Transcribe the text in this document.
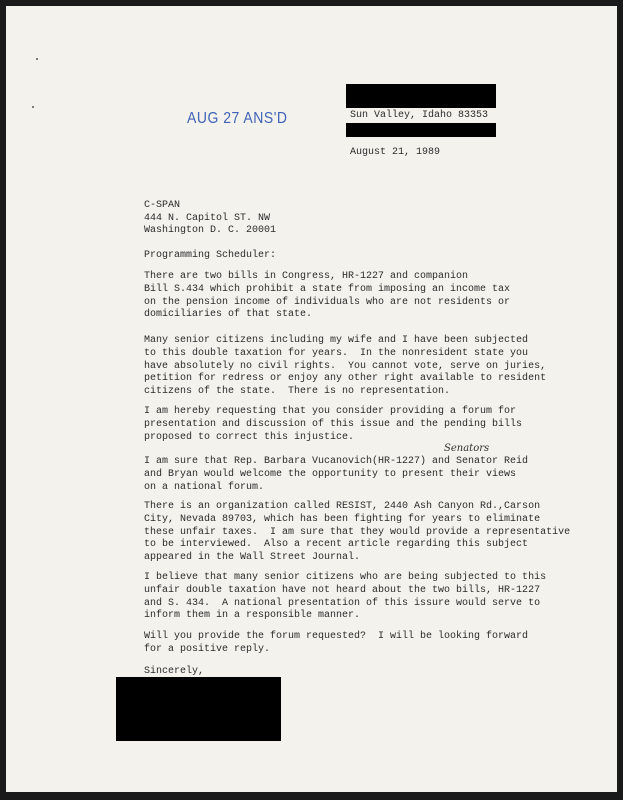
AUG 27 ANS'D	Sun Valley, Idaho 83353
August 21, 1989
C-SPAN
444 N. Capitol ST. NW
Washington D. C. 20001
Programming Scheduler:
There are two bills in Congress, HR-1227 and companion
Bill S.434 which prohibit a state from imposing an income tax
on the pension income of individuals who are not residents or
domiciliaries of that state.
Many senior citizens including my wife and I have been subjected
to this double taxation for years.  In the nonresident state you
have absolutely no civil rights.  You cannot vote, serve on juries,
petition for redress or enjoy any other right available to resident
citizens of the state.  There is no representation.
I am hereby requesting that you consider providing a forum for
presentation and discussion of this issue and the pending bills
proposed to correct this injustice.
Senators
I am sure that Rep. Barbara Vucanovich(HR-1227) and Senator Reid
and Bryan would welcome the opportunity to present their views
on a national forum.
There is an organization called RESIST, 2440 Ash Canyon Rd.,Carson
City, Nevada 89703, which has been fighting for years to eliminate
these unfair taxes.  I am sure that they would provide a representative
to be interviewed.  Also a recent article regarding this subject
appeared in the Wall Street Journal.
I believe that many senior citizens who are being subjected to this
unfair double taxation have not heard about the two bills, HR-1227
and S. 434.  A national presentation of this issure would serve to
inform them in a responsible manner.
Will you provide the forum requested?  I will be looking forward
for a positive reply.
Sincerely,
